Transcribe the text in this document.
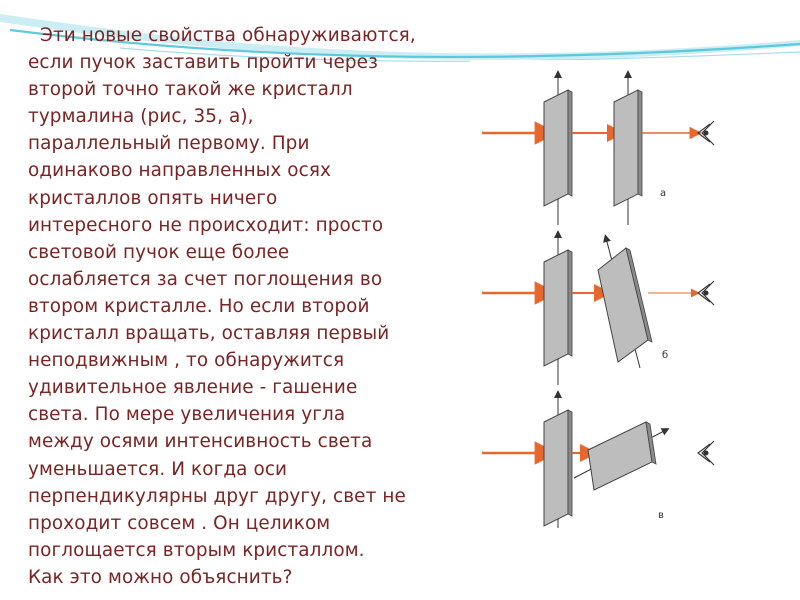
Эти новые свойства обнаруживаются,
если пучок заставить пройти через
второй точно такой же кристалл
турмалина (рис, 35, а),
параллельный первому. При
одинаково направленных осях
кристаллов опять ничего
интересного не происходит: просто
световой пучок еще более
ослабляется за счет поглощения во
втором кристалле. Но если второй
кристалл вращать, оставляя первый
неподвижным , то обнаружится
удивительное явление - гашение
света. По мере увеличения угла
между осями интенсивность света
уменьшается. И когда оси
перпендикулярны друг другу, свет не
проходит совсем . Он целиком
поглощается вторым кристаллом.
Как это можно объяснить?
а
б
в
